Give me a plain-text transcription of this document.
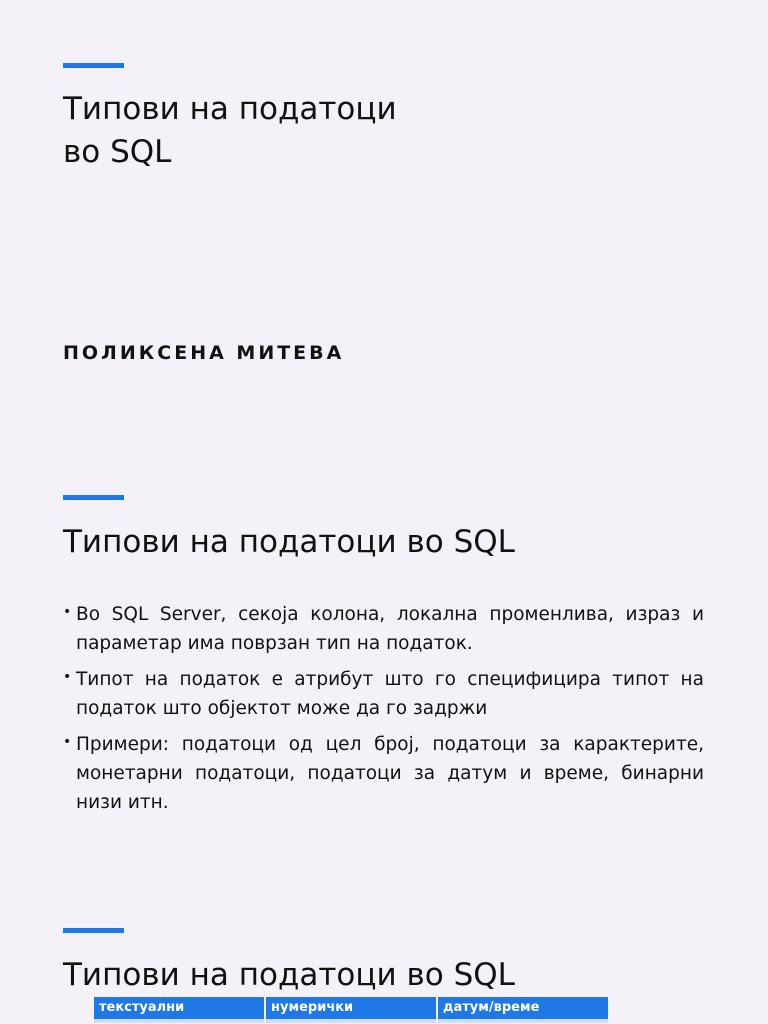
Типови на податоци
во SQL

ПОЛИКСЕНА МИТЕВА

Типови на податоци во SQL
• Во SQL Server, секоја колона, локална променлива, израз и параметар има поврзан тип на податок.
• Типот на податок е атрибут што го специфицира типот на податок што објектот може да го задржи
• Примери: податоци од цел број, податоци за карактерите, монетарни податоци, податоци за датум и време, бинарни низи итн.
Типови на податоци во SQL
текстуални	нумерички	датум/време
